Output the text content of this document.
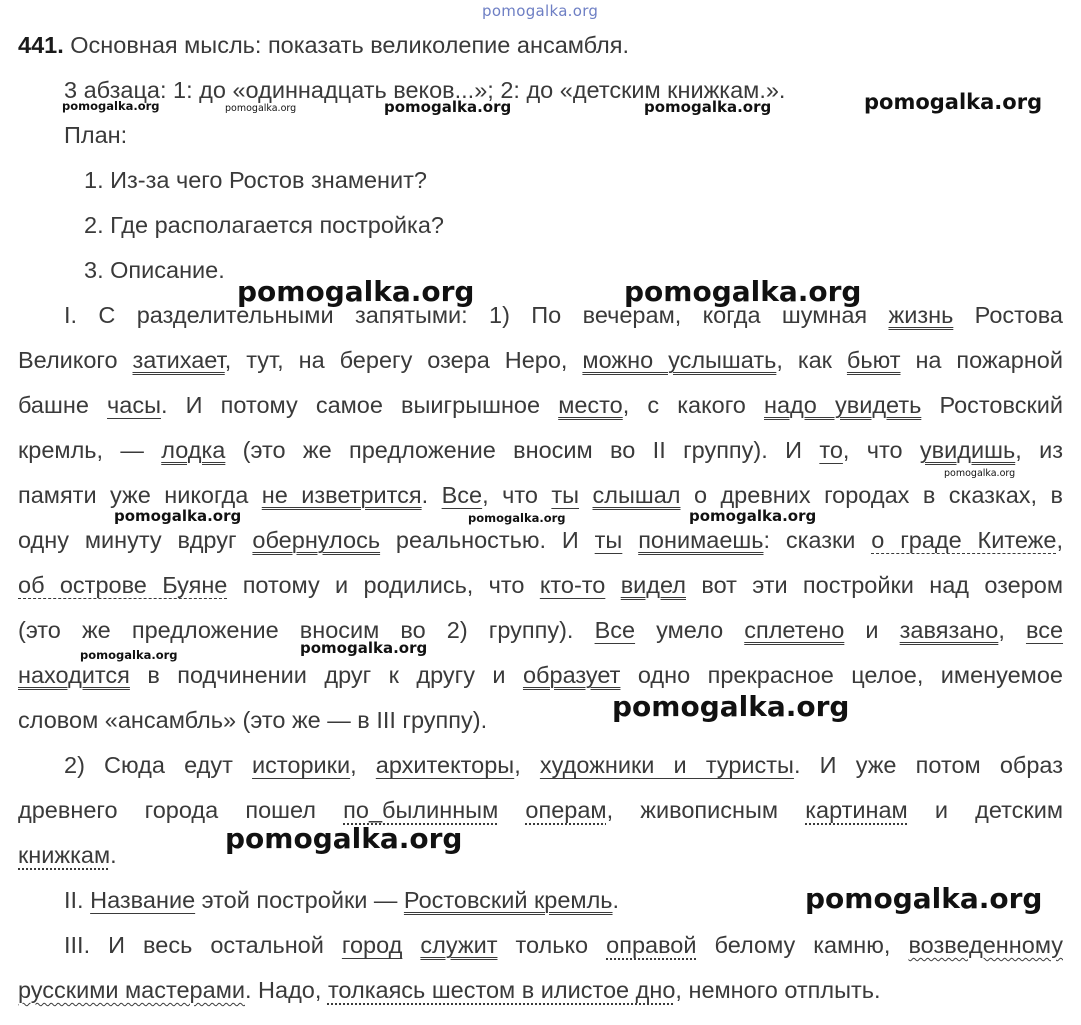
pomogalka.org
pomogalka.org	pomogalka.org	pomogalka.org	pomogalka.org	pomogalka.org
pomogalka.org	pomogalka.org
pomogalka.org
pomogalka.org	pomogalka.org	pomogalka.org
pomogalka.org	pomogalka.org
pomogalka.org
pomogalka.org
pomogalka.org
441. Основная мысль: показать великолепие ансамбля.
3 абзаца: 1: до «одиннадцать веков...»; 2: до «детским книжкам.».
План:
1. Из-за чего Ростов знаменит?
2. Где располагается постройка?
3. Описание.
I. С разделительными запятыми: 1) По вечерам, когда шумная жизнь Ростова
Великого затихает, тут, на берегу озера Неро, можно услышать, как бьют на пожарной
башне часы. И потому самое выигрышное место, с какого надо увидеть Ростовский
кремль, — лодка (это же предложение вносим во II группу). И то, что увидишь, из
памяти уже никогда не изветрится. Все, что ты слышал о древних городах в сказках, в
одну минуту вдруг обернулось реальностью. И ты понимаешь: сказки о граде Китеже,
об острове Буяне потому и родились, что кто-то видел вот эти постройки над озером
(это же предложение вносим во 2) группу). Все умело сплетено и завязано, все
находится в подчинении друг к другу и образует одно прекрасное целое, именуемое
словом «ансамбль» (это же — в III группу).
2) Сюда едут историки, архитекторы, художники и туристы. И уже потом образ
древнего города пошел по_былинным операм, живописным картинам и детским
книжкам.
II. Название этой постройки — Ростовский кремль.
III. И весь остальной город служит только оправой белому камню, возведенному
русскими мастерами. Надо, толкаясь шестом в илистое дно, немного отплыть.
